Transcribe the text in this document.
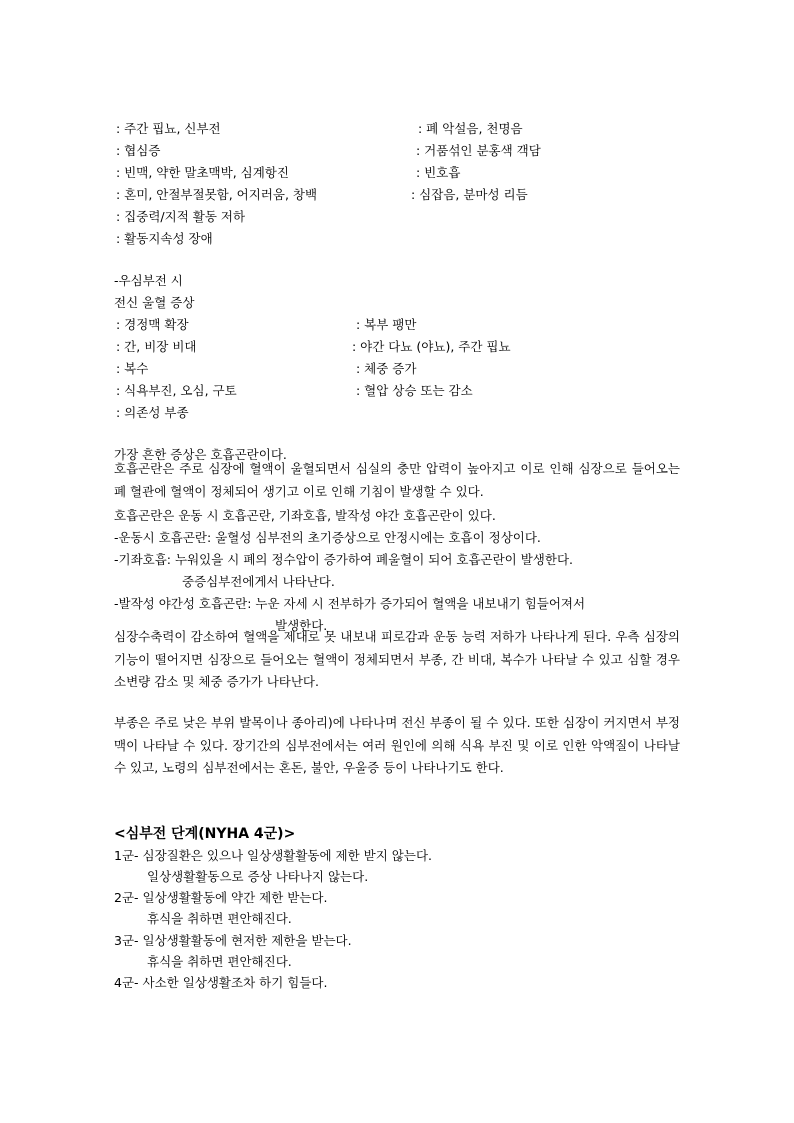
: 주간 핍뇨, 신부전	: 폐 악설음, 천명음
: 협심증	: 거품섞인 분홍색 객담
: 빈맥, 약한 말초맥박, 심계항진	: 빈호흡
: 혼미, 안절부절못함, 어지러움, 창백	: 심잡음, 분마성 리듬
: 집중력/지적 활동 저하
: 활동지속성 장애
-우심부전 시
전신 울혈 증상
: 경정맥 확장	: 복부 팽만
: 간, 비장 비대	: 야간 다뇨 (야뇨), 주간 핍뇨
: 복수	: 체중 증가
: 식욕부진, 오심, 구토	: 혈압 상승 또는 감소
: 의존성 부종
가장 흔한 증상은 호흡곤란이다.
호흡곤란은 주로 심장에 혈액이 울혈되면서 심실의 충만 압력이 높아지고 이로 인해 심장으로 들어오는 폐 혈관에 혈액이 정체되어 생기고 이로 인해 기침이 발생할 수 있다.
호흡곤란은 운동 시 호흡곤란, 기좌호흡, 발작성 야간 호흡곤란이 있다.
-운동시 호흡곤란: 울혈성 심부전의 초기증상으로 안정시에는 호흡이 정상이다.
-기좌호흡: 누워있을 시 폐의 정수압이 증가하여 폐울혈이 되어 호흡곤란이 발생한다.
중증심부전에게서 나타난다.
-발작성 야간성 호흡곤란: 누운 자세 시 전부하가 증가되어 혈액을 내보내기 힘들어져서
발생한다.
심장수축력이 감소하여 혈액을 제대로 못 내보내 피로감과 운동 능력 저하가 나타나게 된다. 우측 심장의 기능이 떨어지면 심장으로 들어오는 혈액이 정체되면서 부종, 간 비대, 복수가 나타날 수 있고 심할 경우 소변량 감소 및 체중 증가가 나타난다.
부종은 주로 낮은 부위 발목이나 종아리)에 나타나며 전신 부종이 될 수 있다. 또한 심장이 커지면서 부정맥이 나타날 수 있다. 장기간의 심부전에서는 여러 원인에 의해 식욕 부진 및 이로 인한 악액질이 나타날 수 있고, 노령의 심부전에서는 혼돈, 불안, 우울증 등이 나타나기도 한다.
<심부전 단계(NYHA 4군)>
1군- 심장질환은 있으나 일상생활활동에 제한 받지 않는다.
일상생활활동으로 증상 나타나지 않는다.
2군- 일상생활활동에 약간 제한 받는다.
휴식을 취하면 편안해진다.
3군- 일상생활활동에 현저한 제한을 받는다.
휴식을 취하면 편안해진다.
4군- 사소한 일상생활조차 하기 힘들다.
